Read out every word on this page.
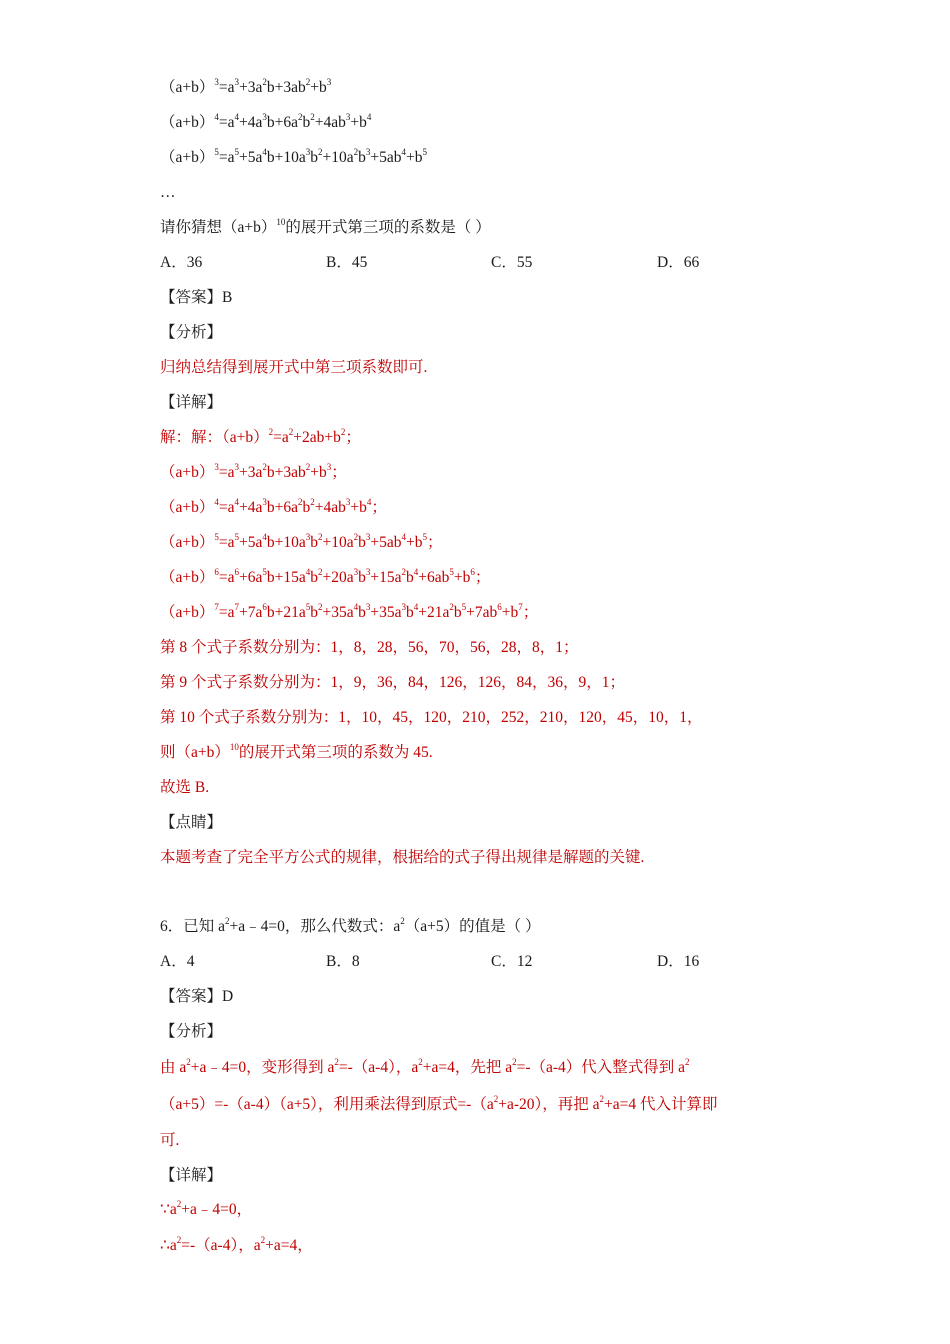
$(a+b)^3=a^3+3a^2b+3ab^2+b^3$
$(a+b)^4=a^4+4a^3b+6a^2b^2+4ab^3+b^4$
$(a+b)^5=a^5+5a^4b+10a^3b^2+10a^2b^3+5ab^4+b^5$
…
请你猜想$(a+b)^{10}$的展开式第三项的系数是（ ）
A．36	B．45	C．55	D．66
【答案】B
【分析】
归纳总结得到展开式中第三项系数即可.
【详解】
解：解：$(a+b)^2=a^2+2ab+b^2$；
$(a+b)^3=a^3+3a^2b+3ab^2+b^3$；
$(a+b)^4=a^4+4a^3b+6a^2b^2+4ab^3+b^4$；
$(a+b)^5=a^5+5a^4b+10a^3b^2+10a^2b^3+5ab^4+b^5$；
$(a+b)^6=a^6+6a^5b+15a^4b^2+20a^3b^3+15a^2b^4+6ab^5+b^6$；
$(a+b)^7=a^7+7a^6b+21a^5b^2+35a^4b^3+35a^3b^4+21a^2b^5+7ab^6+b^7$；
第 8 个式子系数分别为：1，8，28，56，70，56，28，8，1；
第 9 个式子系数分别为：1，9，36，84，126，126，84，36，9，1；
第 10 个式子系数分别为：1，10，45，120，210，252，210，120，45，10，1，
则$(a+b)^{10}$的展开式第三项的系数为 45.
故选 B.
【点睛】
本题考查了完全平方公式的规律，根据给的式子得出规律是解题的关键.
6．已知 $a^2+a﹣4=0$，那么代数式：$a^2(a+5)$的值是（ ）
A．4	B．8	C．12	D．16
【答案】D
【分析】
由 $a^2+a﹣4=0$，变形得到 $a^2=-(a-4)$，$a^2+a=4$，先把 $a^2=-(a-4)$代入整式得到 $a^2$
（a+5）=-（a-4）（a+5），利用乘法得到原式$=-(a^2+a-20)$，再把 $a^2+a=4$ 代入计算即
可.
【详解】
$\because a^2+a﹣4=0$，
$\therefore a^2=-(a-4)$，$a^2+a=4$，
